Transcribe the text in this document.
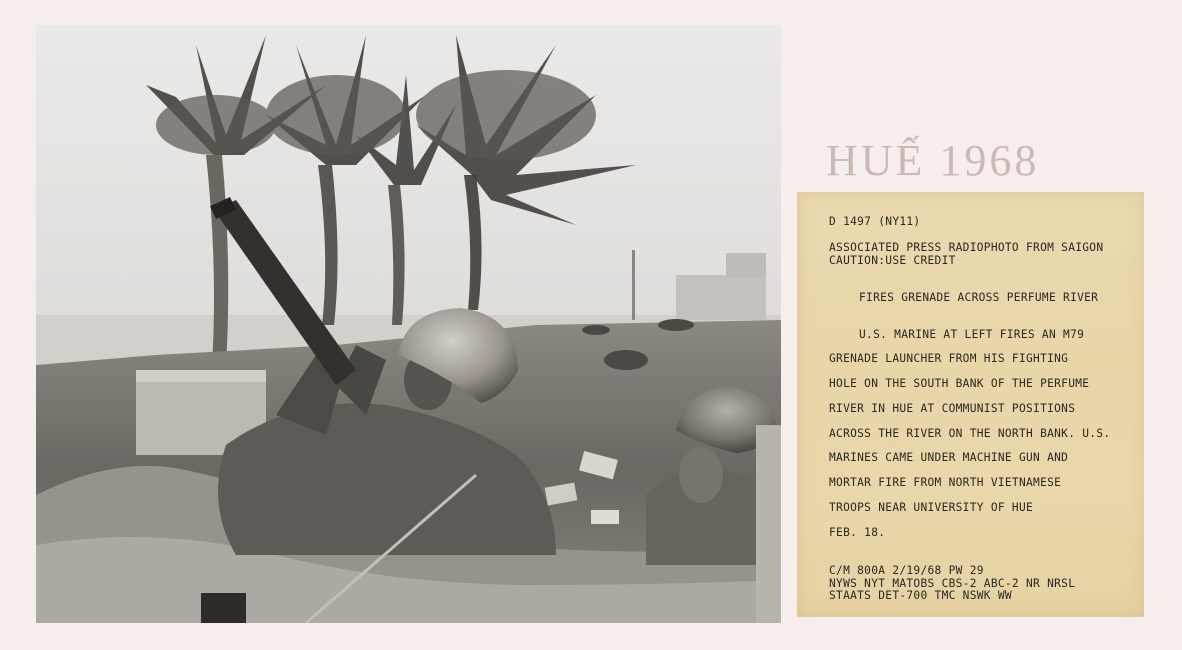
HUẾ 1968
D 1497 (NY11)
ASSOCIATED PRESS RADIOPHOTO FROM SAIGON
CAUTION:USE CREDIT
FIRES GRENADE ACROSS PERFUME RIVER
U.S. MARINE AT LEFT FIRES AN M79
GRENADE LAUNCHER FROM HIS FIGHTING
HOLE ON THE SOUTH BANK OF THE PERFUME
RIVER IN HUE AT COMMUNIST POSITIONS
ACROSS THE RIVER ON THE NORTH BANK. U.S.
MARINES CAME UNDER MACHINE GUN AND
MORTAR FIRE FROM NORTH VIETNAMESE
TROOPS NEAR UNIVERSITY OF HUE
FEB. 18.
C/M 800A 2/19/68 PW 29
NYWS NYT MATOBS CBS-2 ABC-2 NR NRSL
STAATS DET-700 TMC NSWK WW
